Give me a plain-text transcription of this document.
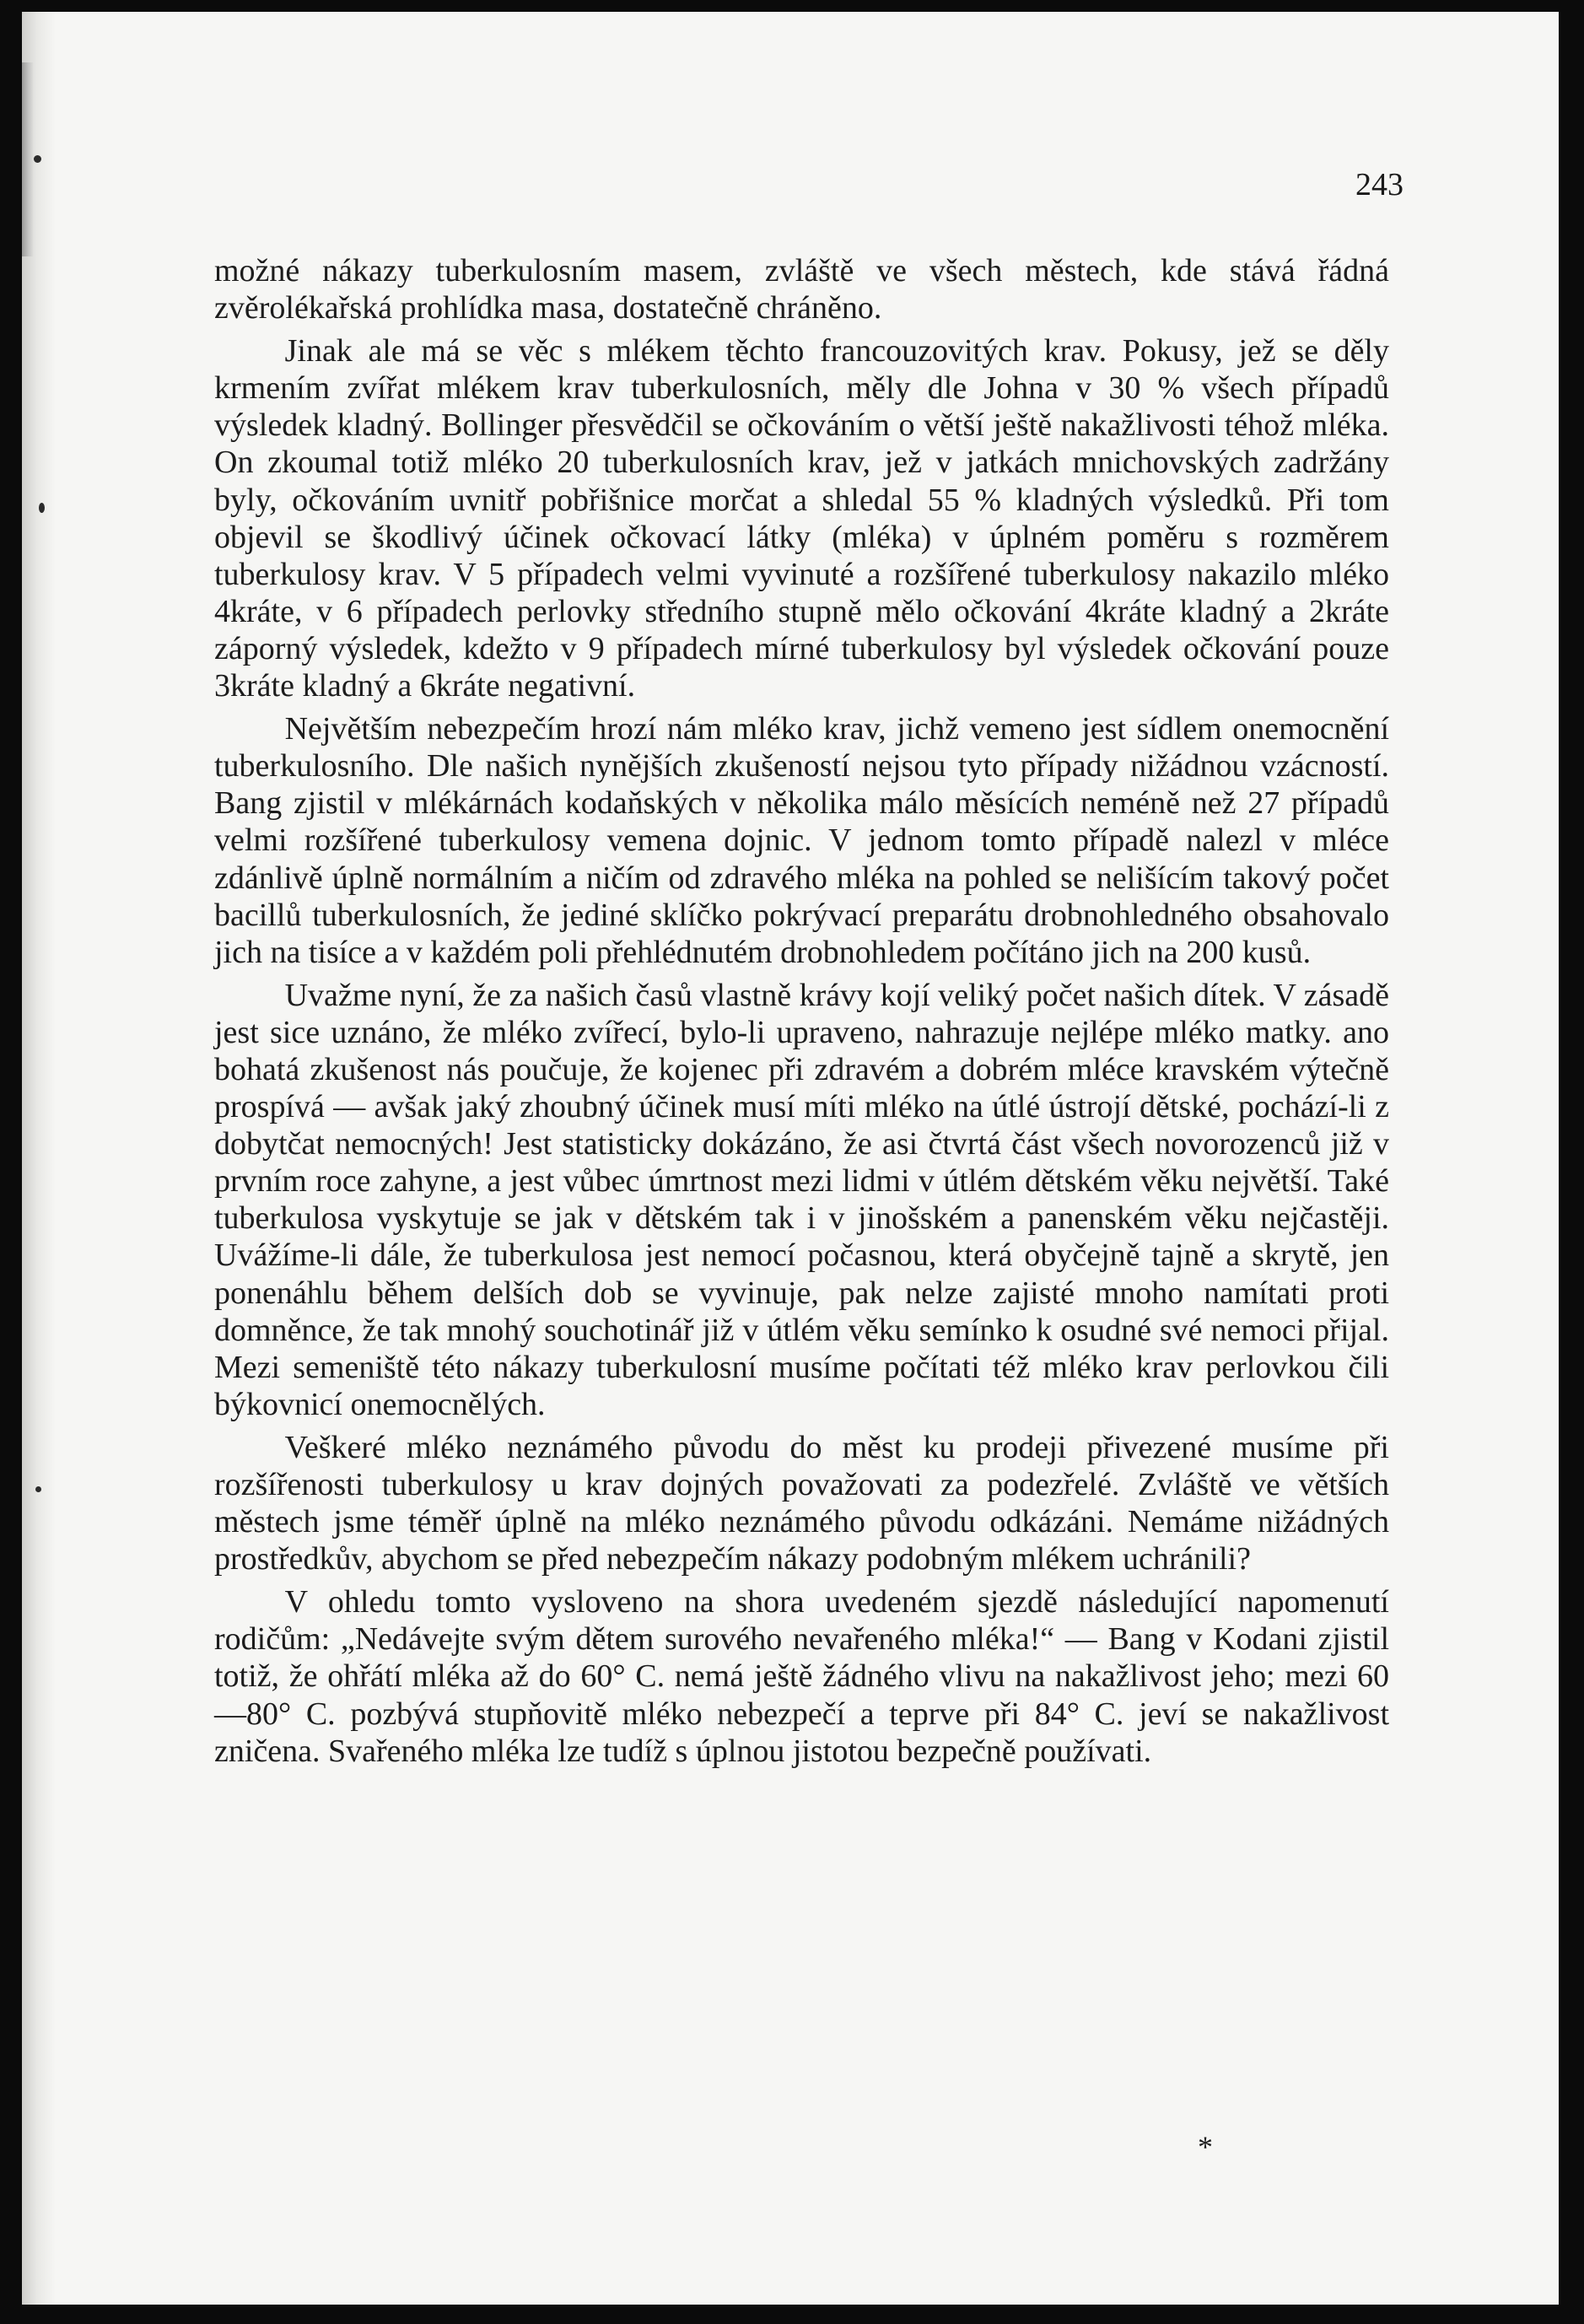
243

možné nákazy tuberkulosním masem, zvláště ve všech městech, kde stává řádná zvěrolékařská prohlídka masa, dostatečně chráněno.

Jinak ale má se věc s mlékem těchto francouzovitých krav. Pokusy, jež se děly krmením zvířat mlékem krav tuberkulosních, měly dle Johna v 30 % všech případů výsledek kladný. Bollinger přesvědčil se očkováním o větší ještě nakažlivosti téhož mléka. On zkoumal totiž mléko 20 tuberkulosních krav, jež v jatkách mnichovských zadržány byly, očkováním uvnitř pobřišnice morčat a shledal 55 % kladných výsledků. Při tom objevil se škodlivý účinek očkovací látky (mléka) v úplném poměru s rozměrem tuberkulosy krav. V 5 případech velmi vyvinuté a rozšířené tuberkulosy nakazilo mléko 4kráte, v 6 případech perlovky středního stupně mělo očkování 4kráte kladný a 2kráte záporný výsledek, kdežto v 9 případech mírné tuberkulosy byl výsledek očkování pouze 3kráte kladný a 6kráte negativní.

Největším nebezpečím hrozí nám mléko krav, jichž vemeno jest sídlem onemocnění tuberkulosního. Dle našich nynějších zkušeností nejsou tyto případy nižádnou vzácností. Bang zjistil v mlékárnách kodaňských v několika málo měsících neméně než 27 případů velmi rozšířené tuberkulosy vemena dojnic. V jednom tomto případě nalezl v mléce zdánlivě úplně normálním a ničím od zdravého mléka na pohled se nelišícím takový počet bacillů tuberkulosních, že jediné sklíčko pokrývací preparátu drobnohledného obsahovalo jich na tisíce a v každém poli přehlédnutém drobnohledem počítáno jich na 200 kusů.

Uvažme nyní, že za našich časů vlastně krávy kojí veliký počet našich dítek. V zásadě jest sice uznáno, že mléko zvířecí, bylo-li upraveno, nahrazuje nejlépe mléko matky. ano bohatá zkušenost nás poučuje, že kojenec při zdravém a dobrém mléce kravském výtečně prospívá — avšak jaký zhoubný účinek musí míti mléko na útlé ústrojí dětské, pochází-li z dobytčat nemocných! Jest statisticky dokázáno, že asi čtvrtá část všech novorozenců již v prvním roce zahyne, a jest vůbec úmrtnost mezi lidmi v útlém dětském věku největší. Také tuberkulosa vyskytuje se jak v dětském tak i v jinošském a panenském věku nejčastěji. Uvážíme-li dále, že tuberkulosa jest nemocí počasnou, která obyčejně tajně a skrytě, jen ponenáhlu během delších dob se vyvinuje, pak nelze zajisté mnoho namítati proti domněnce, že tak mnohý souchotinář již v útlém věku semínko k osudné své nemoci přijal. Mezi semeniště této nákazy tuberkulosní musíme počítati též mléko krav perlovkou čili býkovnicí onemocnělých.

Veškeré mléko neznámého původu do měst ku prodeji přivezené musíme při rozšířenosti tuberkulosy u krav dojných považovati za podezřelé. Zvláště ve větších městech jsme téměř úplně na mléko neznámého původu odkázáni. Nemáme nižádných prostředkův, abychom se před nebezpečím nákazy podobným mlékem uchránili?

V ohledu tomto vysloveno na shora uvedeném sjezdě následující napomenutí rodičům: „Nedávejte svým dětem surového nevařeného mléka!“ — Bang v Kodani zjistil totiž, že ohřátí mléka až do 60° C. nemá ještě žádného vlivu na nakažlivost jeho; mezi 60—80° C. pozbývá stupňovitě mléko nebezpečí a teprve při 84° C. jeví se nakažlivost zničena. Svařeného mléka lze tudíž s úplnou jistotou bezpečně používati.

*
